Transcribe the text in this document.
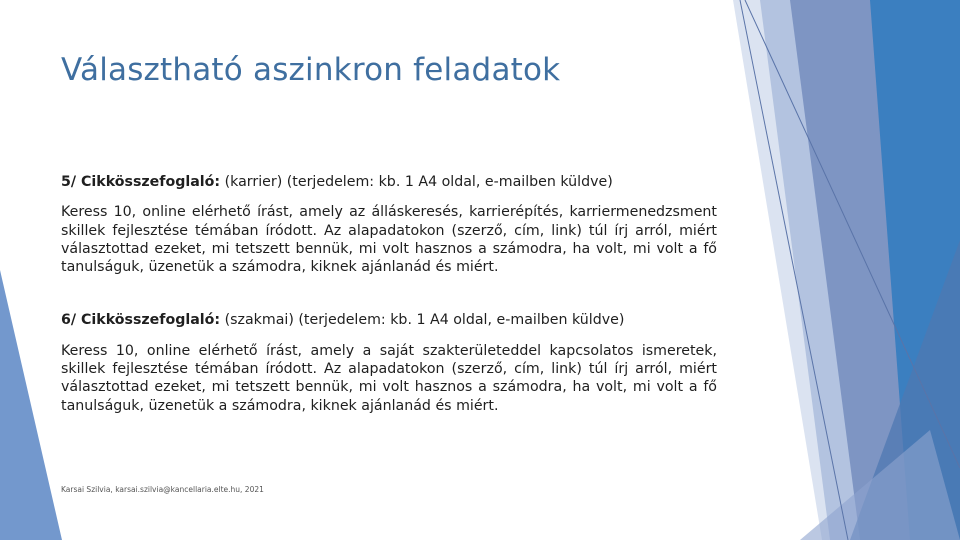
Választható aszinkron feladatok

5/ Cikkösszefoglaló: (karrier) (terjedelem: kb. 1 A4 oldal, e-mailben küldve)

Keress 10, online elérhető írást, amely az álláskeresés, karrierépítés, karriermenedzsment skillek fejlesztése témában íródott. Az alapadatokon (szerző, cím, link) túl írj arról, miért választottad ezeket, mi tetszett bennük, mi volt hasznos a számodra, ha volt, mi volt a fő tanulságuk, üzenetük a számodra, kiknek ajánlanád és miért.

6/ Cikkösszefoglaló: (szakmai) (terjedelem: kb. 1 A4 oldal, e-mailben küldve)

Keress 10, online elérhető írást, amely a saját szakterületeddel kapcsolatos ismeretek, skillek fejlesztése témában íródott. Az alapadatokon (szerző, cím, link) túl írj arról, miért választottad ezeket, mi tetszett bennük, mi volt hasznos a számodra, ha volt, mi volt a fő tanulságuk, üzenetük a számodra, kiknek ajánlanád és miért.

Karsai Szilvia, karsai.szilvia@kancellaria.elte.hu, 2021
